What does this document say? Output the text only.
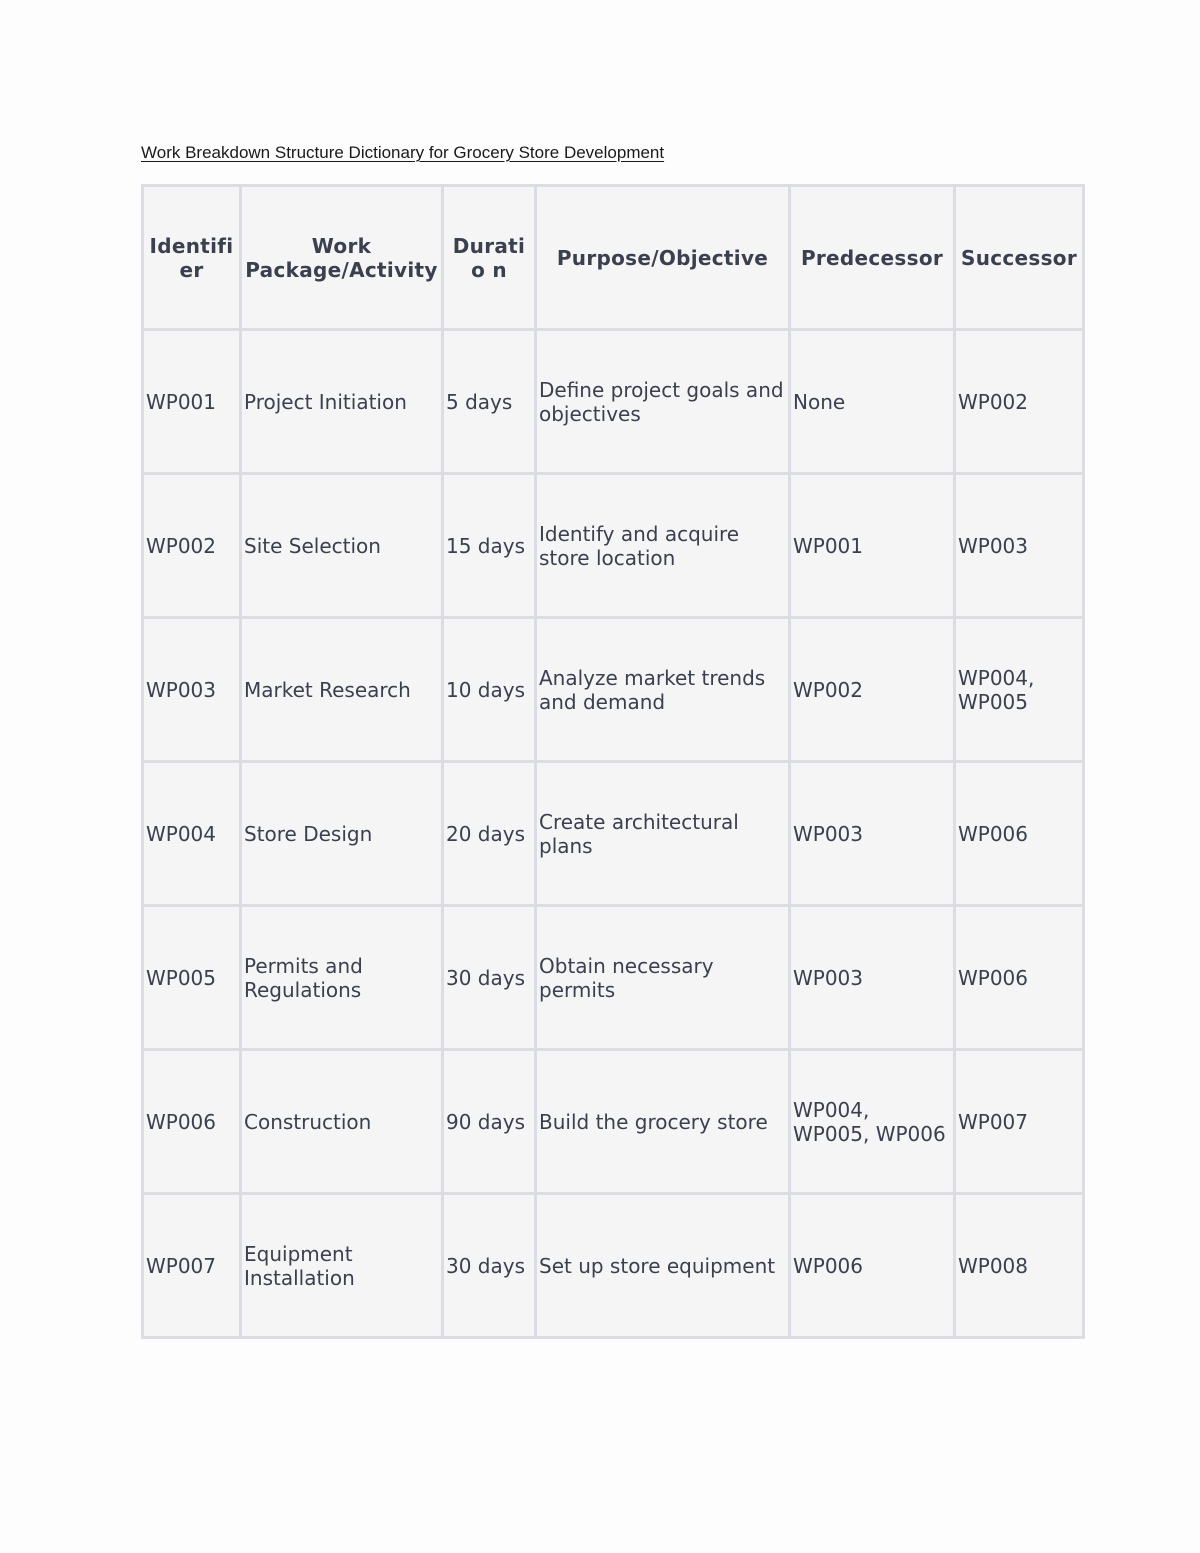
Work Breakdown Structure Dictionary for Grocery Store Development
Identifi er	Work Package/Activity	Duratio n	Purpose/Objective	Predecessor	Successor
WP001	Project Initiation	5 days	Define project goals and objectives	None	WP002
WP002	Site Selection	15 days	Identify and acquire store location	WP001	WP003
WP003	Market Research	10 days	Analyze market trends and demand	WP002	WP004, WP005
WP004	Store Design	20 days	Create architectural plans	WP003	WP006
WP005	Permits and Regulations	30 days	Obtain necessary permits	WP003	WP006
WP006	Construction	90 days	Build the grocery store	WP004, WP005, WP006	WP007
WP007	Equipment Installation	30 days	Set up store equipment	WP006	WP008
